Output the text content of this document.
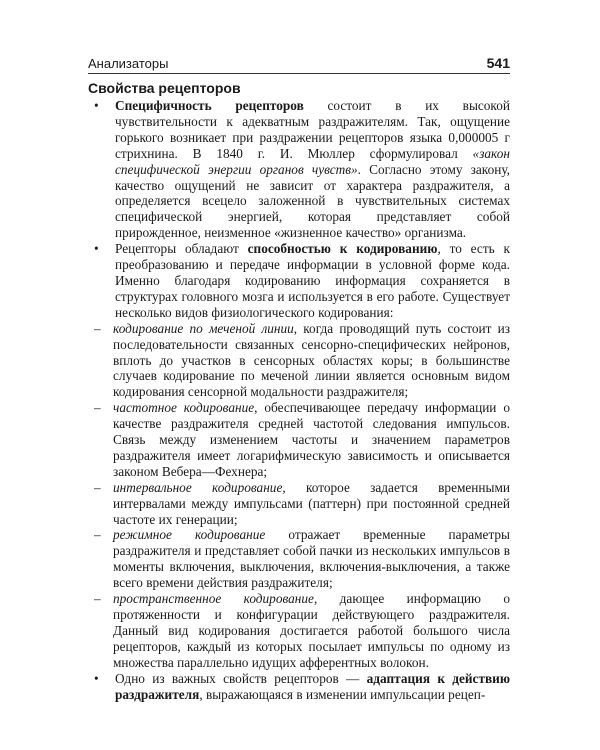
Анализаторы	541
Свойства рецепторов
• Специфичность рецепторов состоит в их высокой чувствительности к адекватным раздражителям. Так, ощущение горького возникает при раздражении рецепторов языка 0,000005 г стрихнина. В 1840 г. И. Мюллер сформулировал «закон специфической энергии органов чувств». Согласно этому закону, качество ощущений не зависит от характера раздражителя, а определяется всецело заложенной в чувствительных системах специфической энергией, которая представляет собой прирожденное, неизменное «жизненное качество» организма.
• Рецепторы обладают способностью к кодированию, то есть к преобразованию и передаче информации в условной форме кода. Именно благодаря кодированию информация сохраняется в структурах головного мозга и используется в его работе. Существует несколько видов физиологического кодирования:
– кодирование по меченой линии, когда проводящий путь состоит из последовательности связанных сенсорно-специфических нейронов, вплоть до участков в сенсорных областях коры; в большинстве случаев кодирование по меченой линии является основным видом кодирования сенсорной модальности раздражителя;
– частотное кодирование, обеспечивающее передачу информации о качестве раздражителя средней частотой следования импульсов. Связь между изменением частоты и значением параметров раздражителя имеет логарифмическую зависимость и описывается законом Вебера—Фехнера;
– интервальное кодирование, которое задается временными интервалами между импульсами (паттерн) при постоянной средней частоте их генерации;
– режимное кодирование отражает временные параметры раздражителя и представляет собой пачки из нескольких импульсов в моменты включения, выключения, включения-выключения, а также всего времени действия раздражителя;
– пространственное кодирование, дающее информацию о протяженности и конфигурации действующего раздражителя. Данный вид кодирования достигается работой большого числа рецепторов, каждый из которых посылает импульсы по одному из множества параллельно идущих афферентных волокон.
• Одно из важных свойств рецепторов — адаптация к действию раздражителя, выражающаяся в изменении импульсации рецеп-
